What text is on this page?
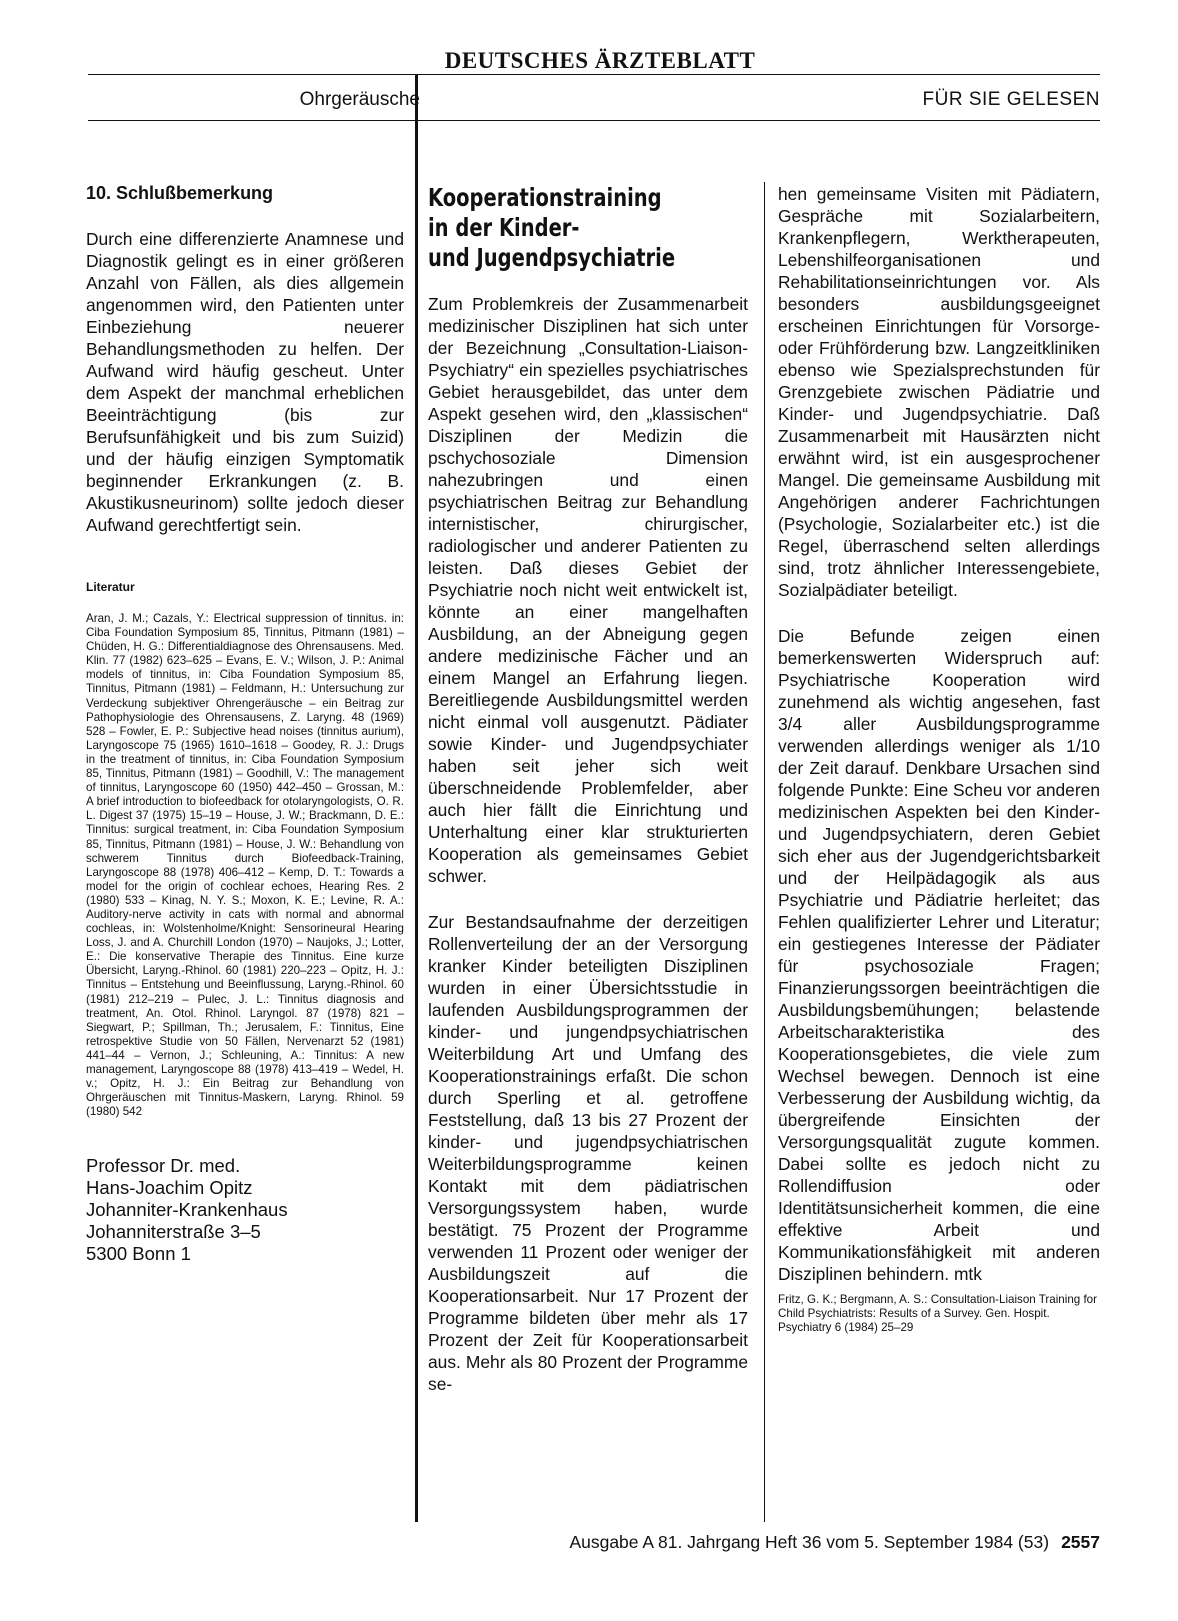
DEUTSCHES ÄRZTEBLATT
Ohrgeräusche	FÜR SIE GELESEN
10. Schlußbemerkung

Durch eine differenzierte Anamnese und Diagnostik gelingt es in einer größeren Anzahl von Fällen, als dies allgemein angenommen wird, den Patienten unter Einbeziehung neuerer Behandlungsmethoden zu helfen. Der Aufwand wird häufig gescheut. Unter dem Aspekt der manchmal erheblichen Beeinträchtigung (bis zur Berufsunfähigkeit und bis zum Suizid) und der häufig einzigen Symptomatik beginnender Erkrankungen (z. B. Akustikusneurinom) sollte jedoch dieser Aufwand gerechtfertigt sein.

Literatur

Aran, J. M.; Cazals, Y.: Electrical suppression of tinnitus. in: Ciba Foundation Symposium 85, Tinnitus, Pitmann (1981) – Chüden, H. G.: Differentialdiagnose des Ohrensausens. Med. Klin. 77 (1982) 623–625 – Evans, E. V.; Wilson, J. P.: Animal models of tinnitus, in: Ciba Foundation Symposium 85, Tinnitus, Pitmann (1981) – Feldmann, H.: Untersuchung zur Verdeckung subjektiver Ohrengeräusche – ein Beitrag zur Pathophysiologie des Ohrensausens, Z. Laryng. 48 (1969) 528 – Fowler, E. P.: Subjective head noises (tinnitus aurium), Laryngoscope 75 (1965) 1610–1618 – Goodey, R. J.: Drugs in the treatment of tinnitus, in: Ciba Foundation Symposium 85, Tinnitus, Pitmann (1981) – Goodhill, V.: The management of tinnitus, Laryngoscope 60 (1950) 442–450 – Grossan, M.: A brief introduction to biofeedback for otolaryngologists, O. R. L. Digest 37 (1975) 15–19 – House, J. W.; Brackmann, D. E.: Tinnitus: surgical treatment, in: Ciba Foundation Symposium 85, Tinnitus, Pitmann (1981) – House, J. W.: Behandlung von schwerem Tinnitus durch Biofeedback-Training, Laryngoscope 88 (1978) 406–412 – Kemp, D. T.: Towards a model for the origin of cochlear echoes, Hearing Res. 2 (1980) 533 – Kinag, N. Y. S.; Moxon, K. E.; Levine, R. A.: Auditory-nerve activity in cats with normal and abnormal cochleas, in: Wolstenholme/Knight: Sensorineural Hearing Loss, J. and A. Churchill London (1970) – Naujoks, J.; Lotter, E.: Die konservative Therapie des Tinnitus. Eine kurze Übersicht, Laryng.-Rhinol. 60 (1981) 220–223 – Opitz, H. J.: Tinnitus – Entstehung und Beeinflussung, Laryng.-Rhinol. 60 (1981) 212–219 – Pulec, J. L.: Tinnitus diagnosis and treatment, An. Otol. Rhinol. Laryngol. 87 (1978) 821 – Siegwart, P.; Spillman, Th.; Jerusalem, F.: Tinnitus, Eine retrospektive Studie von 50 Fällen, Nervenarzt 52 (1981) 441–44 – Vernon, J.; Schleuning, A.: Tinnitus: A new management, Laryngoscope 88 (1978) 413–419 – Wedel, H. v.; Opitz, H. J.: Ein Beitrag zur Behandlung von Ohrgeräuschen mit Tinnitus-Maskern, Laryng. Rhinol. 59 (1980) 542

Professor Dr. med.
Hans-Joachim Opitz
Johanniter-Krankenhaus
Johanniterstraße 3–5
5300 Bonn 1
Kooperationstraining
in der Kinder-
und Jugendpsychiatrie

Zum Problemkreis der Zusammenarbeit medizinischer Disziplinen hat sich unter der Bezeichnung „Consultation-Liaison-Psychiatry“ ein spezielles psychiatrisches Gebiet herausgebildet, das unter dem Aspekt gesehen wird, den „klassischen“ Disziplinen der Medizin die pschychosoziale Dimension nahezubringen und einen psychiatrischen Beitrag zur Behandlung internistischer, chirurgischer, radiologischer und anderer Patienten zu leisten. Daß dieses Gebiet der Psychiatrie noch nicht weit entwickelt ist, könnte an einer mangelhaften Ausbildung, an der Abneigung gegen andere medizinische Fächer und an einem Mangel an Erfahrung liegen. Bereitliegende Ausbildungsmittel werden nicht einmal voll ausgenutzt. Pädiater sowie Kinder- und Jugendpsychiater haben seit jeher sich weit überschneidende Problemfelder, aber auch hier fällt die Einrichtung und Unterhaltung einer klar strukturierten Kooperation als gemeinsames Gebiet schwer.

Zur Bestandsaufnahme der derzeitigen Rollenverteilung der an der Versorgung kranker Kinder beteiligten Disziplinen wurden in einer Übersichtsstudie in laufenden Ausbildungsprogrammen der kinder- und jungendpsychiatrischen Weiterbildung Art und Umfang des Kooperationstrainings erfaßt. Die schon durch Sperling et al. getroffene Feststellung, daß 13 bis 27 Prozent der kinder- und jugendpsychiatrischen Weiterbildungsprogramme keinen Kontakt mit dem pädiatrischen Versorgungssystem haben, wurde bestätigt. 75 Prozent der Programme verwenden 11 Prozent oder weniger der Ausbildungszeit auf die Kooperationsarbeit. Nur 17 Prozent der Programme bildeten über mehr als 17 Prozent der Zeit für Kooperationsarbeit aus. Mehr als 80 Prozent der Programme se-

hen gemeinsame Visiten mit Pädiatern, Gespräche mit Sozialarbeitern, Krankenpflegern, Werktherapeuten, Lebenshilfeorganisationen und Rehabilitationseinrichtungen vor. Als besonders ausbildungsgeeignet erscheinen Einrichtungen für Vorsorge- oder Frühförderung bzw. Langzeitkliniken ebenso wie Spezialsprechstunden für Grenzgebiete zwischen Pädiatrie und Kinder- und Jugendpsychiatrie. Daß Zusammenarbeit mit Hausärzten nicht erwähnt wird, ist ein ausgesprochener Mangel. Die gemeinsame Ausbildung mit Angehörigen anderer Fachrichtungen (Psychologie, Sozialarbeiter etc.) ist die Regel, überraschend selten allerdings sind, trotz ähnlicher Interessengebiete, Sozialpädiater beteiligt.

Die Befunde zeigen einen bemerkenswerten Widerspruch auf: Psychiatrische Kooperation wird zunehmend als wichtig angesehen, fast 3/4 aller Ausbildungsprogramme verwenden allerdings weniger als 1/10 der Zeit darauf. Denkbare Ursachen sind folgende Punkte: Eine Scheu vor anderen medizinischen Aspekten bei den Kinder- und Jugendpsychiatern, deren Gebiet sich eher aus der Jugendgerichtsbarkeit und der Heilpädagogik als aus Psychiatrie und Pädiatrie herleitet; das Fehlen qualifizierter Lehrer und Literatur; ein gestiegenes Interesse der Pädiater für psychosoziale Fragen; Finanzierungssorgen beeinträchtigen die Ausbildungsbemühungen; belastende Arbeitscharakteristika des Kooperationsgebietes, die viele zum Wechsel bewegen. Dennoch ist eine Verbesserung der Ausbildung wichtig, da übergreifende Einsichten der Versorgungsqualität zugute kommen. Dabei sollte es jedoch nicht zu Rollendiffusion oder Identitätsunsicherheit kommen, die eine effektive Arbeit und Kommunikationsfähigkeit mit anderen Disziplinen behindern. mtk

Fritz, G. K.; Bergmann, A. S.: Consultation-Liaison Training for Child Psychiatrists: Results of a Survey. Gen. Hospit. Psychiatry 6 (1984) 25–29

Ausgabe A 81. Jahrgang Heft 36 vom 5. September 1984 (53) 2557
